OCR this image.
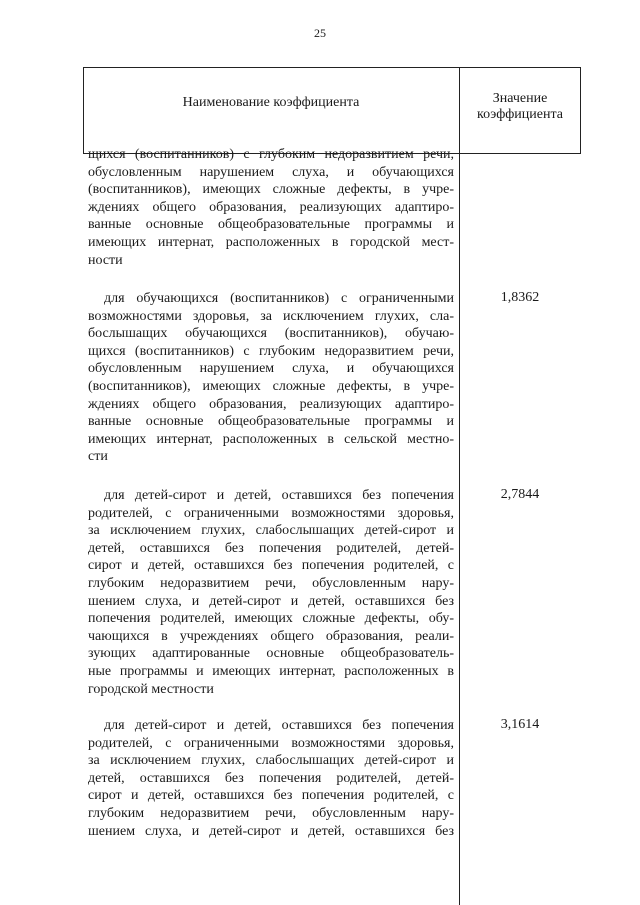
25
Наименование коэффициента	Значение
коэффициента
щихся (воспитанников) с глубоким недоразвитием речи,
обусловленным нарушением слуха, и обучающихся
(воспитанников), имеющих сложные дефекты, в учре-
ждениях общего образования, реализующих адаптиро-
ванные основные общеобразовательные программы и
имеющих интернат, расположенных в городской мест-
ности
для обучающихся (воспитанников) с ограниченными
возможностями здоровья, за исключением глухих, сла-
бослышащих обучающихся (воспитанников), обучаю-
щихся (воспитанников) с глубоким недоразвитием речи,
обусловленным нарушением слуха, и обучающихся
(воспитанников), имеющих сложные дефекты, в учре-
ждениях общего образования, реализующих адаптиро-
ванные основные общеобразовательные программы и
имеющих интернат, расположенных в сельской местно-
сти
1,8362
для детей-сирот и детей, оставшихся без попечения
родителей, с ограниченными возможностями здоровья,
за исключением глухих, слабослышащих детей-сирот и
детей, оставшихся без попечения родителей, детей-
сирот и детей, оставшихся без попечения родителей, с
глубоким недоразвитием речи, обусловленным нару-
шением слуха, и детей-сирот и детей, оставшихся без
попечения родителей, имеющих сложные дефекты, обу-
чающихся в учреждениях общего образования, реали-
зующих адаптированные основные общеобразователь-
ные программы и имеющих интернат, расположенных в
городской местности
2,7844
для детей-сирот и детей, оставшихся без попечения
родителей, с ограниченными возможностями здоровья,
за исключением глухих, слабослышащих детей-сирот и
детей, оставшихся без попечения родителей, детей-
сирот и детей, оставшихся без попечения родителей, с
глубоким недоразвитием речи, обусловленным нару-
шением слуха, и детей-сирот и детей, оставшихся без
3,1614
